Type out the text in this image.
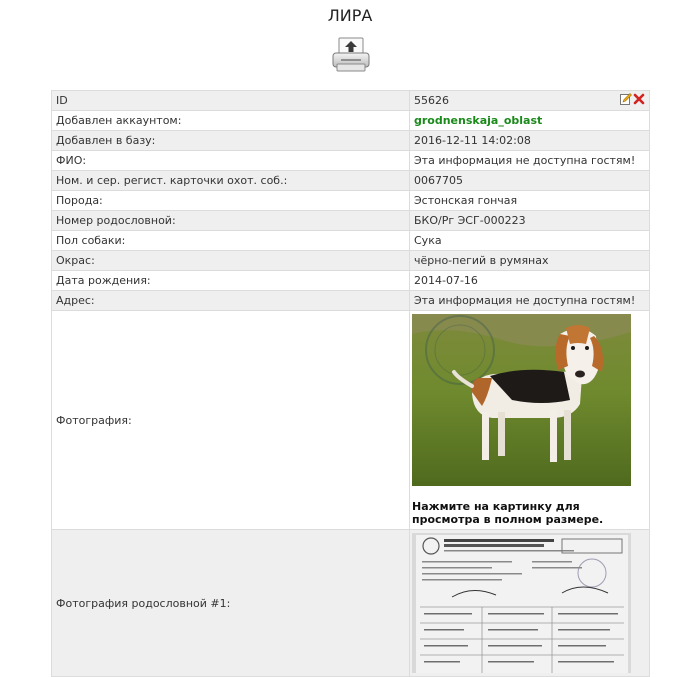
ЛИРА
ID	55626

Добавлен аккаунтом:	grodnenskaja_oblast
Добавлен в базу:	2016-12-11 14:02:08
ФИО:	Эта информация не доступна гостям!
Ном. и сер. регист. карточки охот. соб.:	0067705
Порода:	Эстонская гончая
Номер родословной:	БКО/Рг ЭСГ-000223
Пол собаки:	Сука
Окрас:	чёрно-пегий в румянах
Дата рождения:	2014-07-16
Адрес:	Эта информация не доступна гостям!
Фотография:	Нажмите на картинку для просмотра в полном размере.

Фотография родословной #1:	
